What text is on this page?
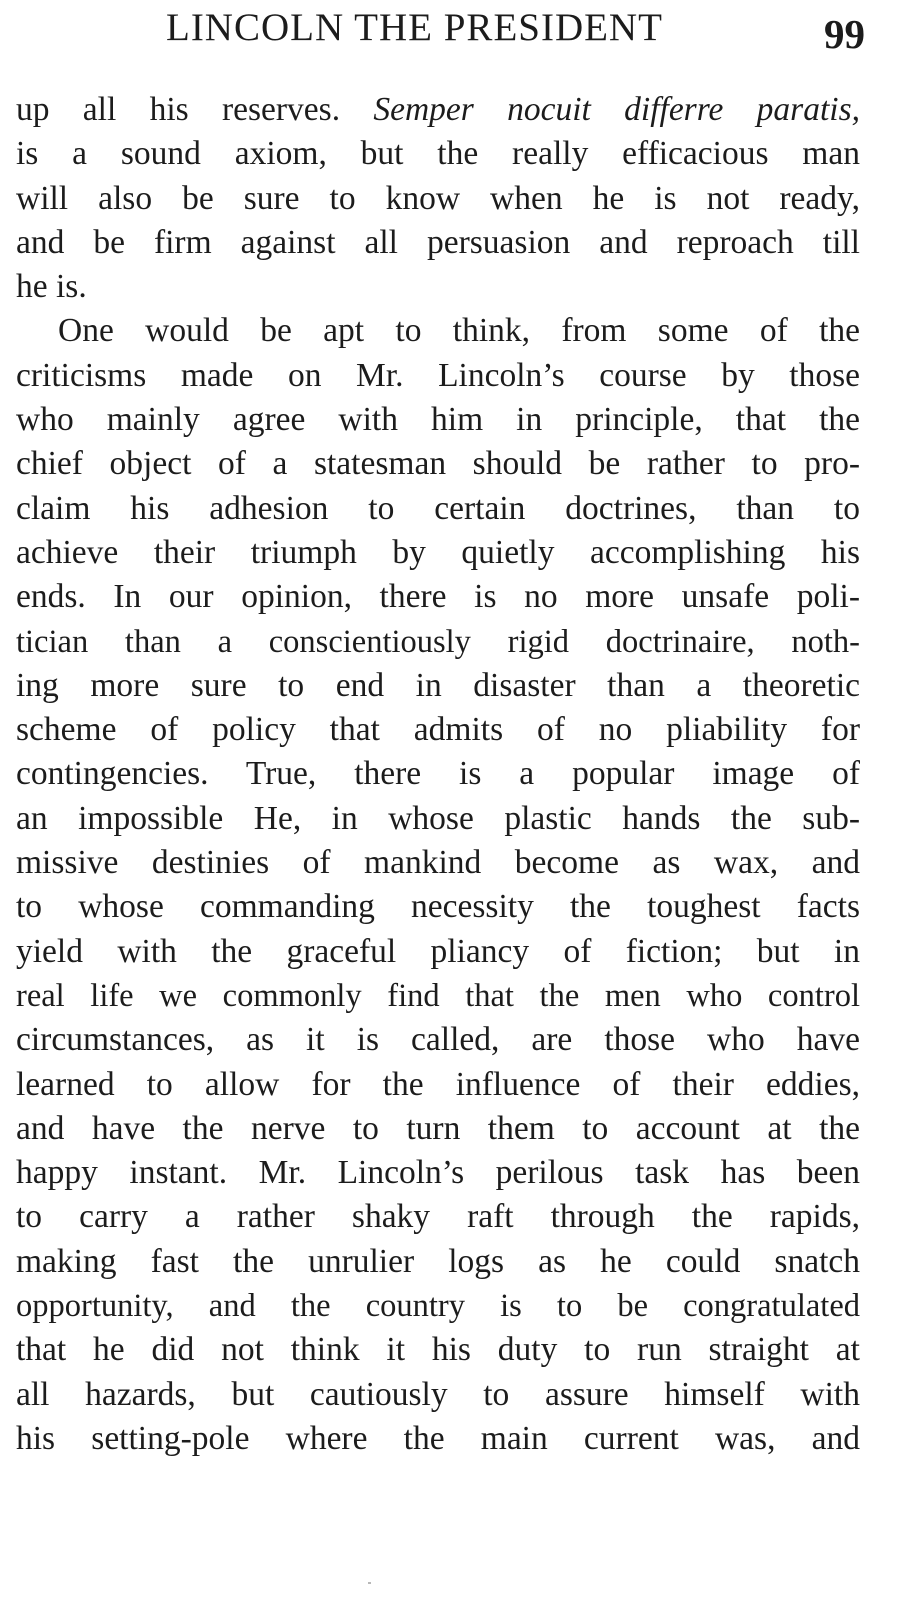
LINCOLN THE PRESIDENT	99
up all his reserves. Semper nocuit differre paratis,
is a sound axiom, but the really efficacious man
will also be sure to know when he is not ready,
and be firm against all persuasion and reproach till
he is.
One would be apt to think, from some of the
criticisms made on Mr. Lincoln’s course by those
who mainly agree with him in principle, that the
chief object of a statesman should be rather to pro-
claim his adhesion to certain doctrines, than to
achieve their triumph by quietly accomplishing his
ends. In our opinion, there is no more unsafe poli-
tician than a conscientiously rigid doctrinaire, noth-
ing more sure to end in disaster than a theoretic
scheme of policy that admits of no pliability for
contingencies. True, there is a popular image of
an impossible He, in whose plastic hands the sub-
missive destinies of mankind become as wax, and
to whose commanding necessity the toughest facts
yield with the graceful pliancy of fiction; but in
real life we commonly find that the men who control
circumstances, as it is called, are those who have
learned to allow for the influence of their eddies,
and have the nerve to turn them to account at the
happy instant. Mr. Lincoln’s perilous task has been
to carry a rather shaky raft through the rapids,
making fast the unrulier logs as he could snatch
opportunity, and the country is to be congratulated
that he did not think it his duty to run straight at
all hazards, but cautiously to assure himself with
his setting-pole where the main current was, and
